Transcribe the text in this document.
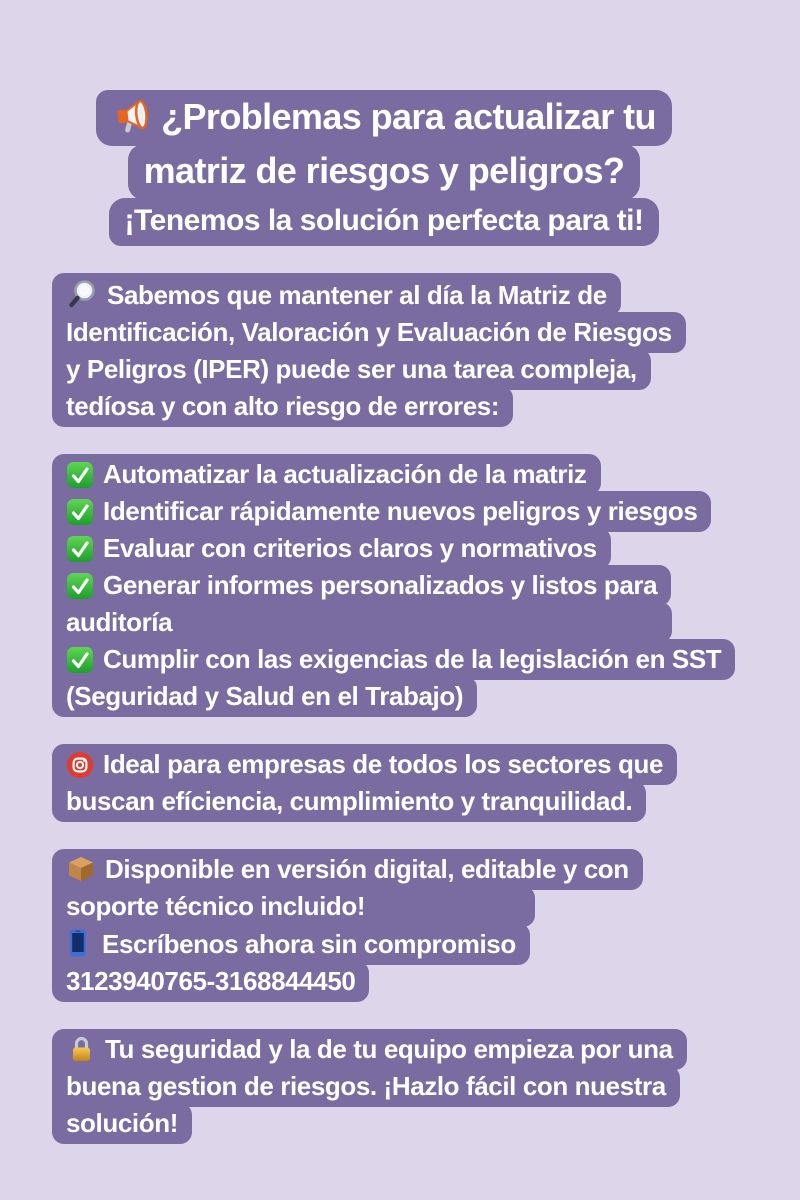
¿Problemas para actualizar tu
matriz de riesgos y peligros?
¡Tenemos la solución perfecta para ti!
Sabemos que mantener al día la Matriz de
Identificación, Valoración y Evaluación de Riesgos
y Peligros (IPER) puede ser una tarea compleja,
tedíosa y con alto riesgo de errores:
Automatizar la actualización de la matriz
Identificar rápidamente nuevos peligros y riesgos
Evaluar con criterios claros y normativos
Generar informes personalizados y listos para
auditoría
Cumplir con las exigencias de la legislación en SST
(Seguridad y Salud en el Trabajo)
Ideal para empresas de todos los sectores que
buscan efíciencia, cumplimiento y tranquilidad.
Disponible en versión digital, editable y con
soporte técnico incluido!
Escríbenos ahora sin compromiso
3123940765-3168844450
Tu seguridad y la de tu equipo empieza por una
buena gestion de riesgos. ¡Hazlo fácil con nuestra
solución!
